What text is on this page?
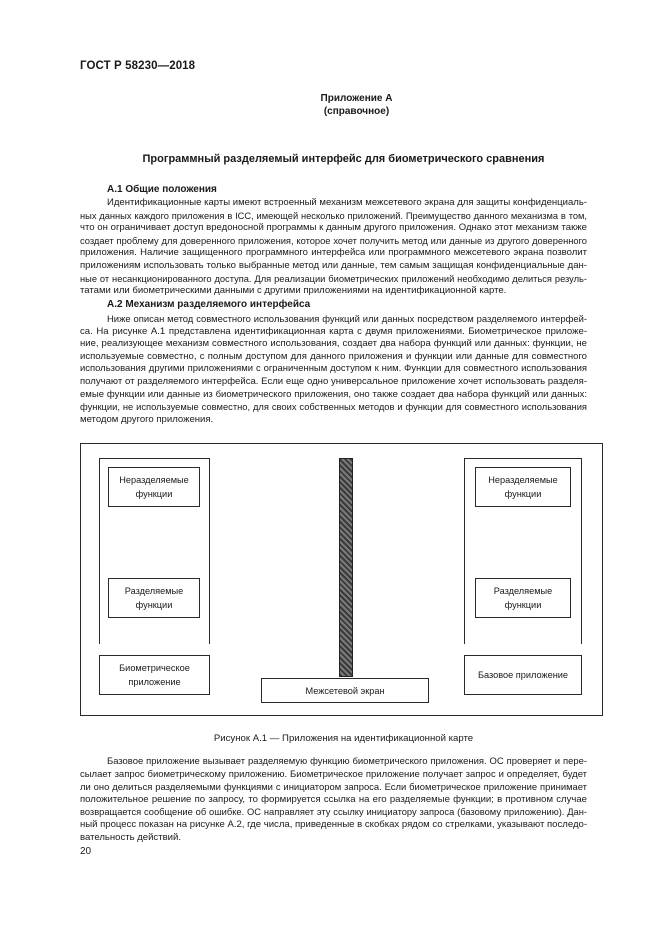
ГОСТ Р 58230—2018
Приложение А
(справочное)
Программный разделяемый интерфейс для биометрического сравнения
А.1 Общие положения
Идентификационные карты имеют встроенный механизм межсетевого экрана для защиты конфиденциаль-
ных данных каждого приложения в ICC, имеющей несколько приложений. Преимущество данного механизма в том,
что он ограничивает доступ вредоносной программы к данным другого приложения. Однако этот механизм также
создает проблему для доверенного приложения, которое хочет получить метод или данные из другого доверенного
приложения. Наличие защищенного программного интерфейса или программного межсетевого экрана позволит
приложениям использовать только выбранные метод или данные, тем самым защищая конфиденциальные дан-
ные от несанкционированного доступа. Для реализации биометрических приложений необходимо делиться резуль-
татами или биометрическими данными с другими приложениями на идентификационной карте.
А.2 Механизм разделяемого интерфейса
Ниже описан метод совместного использования функций или данных посредством разделяемого интерфей-
са. На рисунке А.1 представлена идентификационная карта с двумя приложениями. Биометрическое приложе-
ние, реализующее механизм совместного использования, создает два набора функций или данных: функции, не
используемые совместно, с полным доступом для данного приложения и функции или данные для совместного
использования другими приложениями с ограниченным доступом к ним. Функции для совместного использования
получают от разделяемого интерфейса. Если еще одно универсальное приложение хочет использовать разделя-
емые функции или данные из биометрического приложения, оно также создает два набора функций или данных:
функции, не используемые совместно, для своих собственных методов и функции для совместного использования
методом другого приложения.
Неразделяемые функции
Разделяемые функции
Биометрическое приложение
Межсетевой экран
Неразделяемые функции
Разделяемые функции
Базовое приложение
Рисунок А.1 — Приложения на идентификационной карте
Базовое приложение вызывает разделяемую функцию биометрического приложения. ОС проверяет и пере-
сылает запрос биометрическому приложению. Биометрическое приложение получает запрос и определяет, будет
ли оно делиться разделяемыми функциями с инициатором запроса. Если биометрическое приложение принимает
положительное решение по запросу, то формируется ссылка на его разделяемые функции; в противном случае
возвращается сообщение об ошибке. ОС направляет эту ссылку инициатору запроса (базовому приложению). Дан-
ный процесс показан на рисунке А.2, где числа, приведенные в скобках рядом со стрелками, указывают последо-
вательность действий.
20
